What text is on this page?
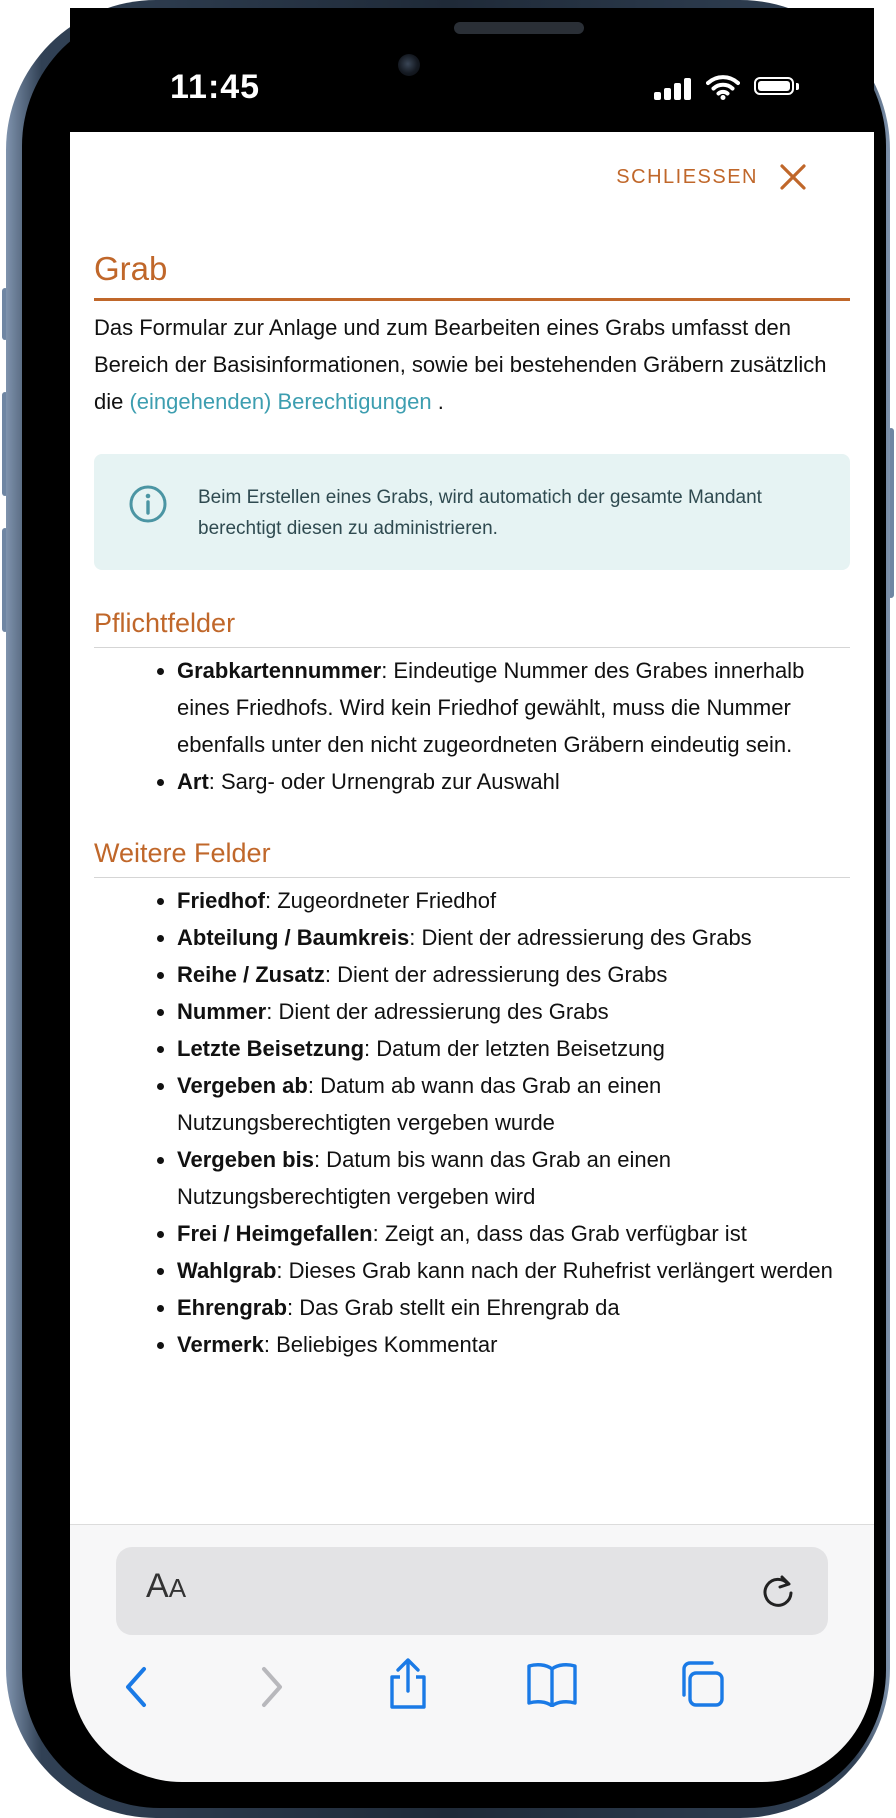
11:45
SCHLIESSEN
Grab

Das Formular zur Anlage und zum Bearbeiten eines Grabs umfasst den Bereich der Basisinformationen, sowie bei bestehenden Gräbern zusätzlich die (eingehenden) Berechtigungen .

Beim Erstellen eines Grabs, wird automatich der gesamte Mandant berechtigt diesen zu administrieren.
Pflichtfelder
• Grabkartennummer: Eindeutige Nummer des Grabes innerhalb eines Friedhofs. Wird kein Friedhof gewählt, muss die Nummer ebenfalls unter den nicht zugeordneten Gräbern eindeutig sein.
• Art: Sarg- oder Urnengrab zur Auswahl
Weitere Felder
• Friedhof: Zugeordneter Friedhof
• Abteilung / Baumkreis: Dient der adressierung des Grabs
• Reihe / Zusatz: Dient der adressierung des Grabs
• Nummer: Dient der adressierung des Grabs
• Letzte Beisetzung: Datum der letzten Beisetzung
• Vergeben ab: Datum ab wann das Grab an einen Nutzungsberechtigten vergeben wurde
• Vergeben bis: Datum bis wann das Grab an einen Nutzungsberechtigten vergeben wird
• Frei / Heimgefallen: Zeigt an, dass das Grab verfügbar ist
• Wahlgrab: Dieses Grab kann nach der Ruhefrist verlängert werden
• Ehrengrab: Das Grab stellt ein Ehrengrab da
• Vermerk: Beliebiges Kommentar
AA
